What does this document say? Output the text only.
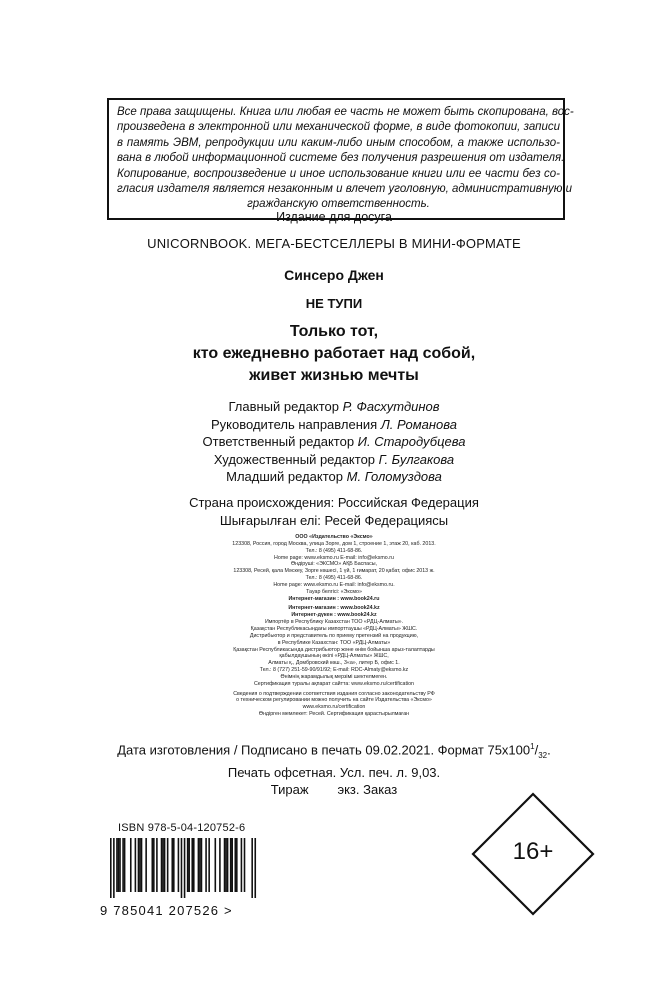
Все права защищены. Книга или любая ее часть не может быть скопирована, вос-
произведена в электронной или механической форме, в виде фотокопии, записи
в память ЭВМ, репродукции или каким-либо иным способом, а также использо-
вана в любой информационной системе без получения разрешения от издателя.
Копирование, воспроизведение и иное использование книги или ее части без со-
гласия издателя является незаконным и влечет уголовную, административную и
гражданскую ответственность.
Издание для досуга
UNICORNBOOK. МЕГА-БЕСТСЕЛЛЕРЫ В МИНИ-ФОРМАТЕ
Синсеро Джен
НЕ ТУПИ
Только тот,
кто ежедневно работает над собой,
живет жизнью мечты
Главный редактор Р. Фасхутдинов
Руководитель направления Л. Романова
Ответственный редактор И. Стародубцева
Художественный редактор Г. Булгакова
Младший редактор М. Голомуздова
Страна происхождения: Российская Федерация
Шығарылған елі: Ресей Федерациясы
ООО «Издательство «Эксмо»
123308, Россия, город Москва, улица Зорге, дом 1, строение 1, этаж 20, каб. 2013.
Тел.: 8 (495) 411-68-86.
Home page: www.eksmo.ru E-mail: info@eksmo.ru
Өндіруші: «ЭКСМО» АҚБ Баспасы,
123308, Ресей, қала Мәскеу, Зорге көшесі, 1 үй, 1 ғимарат, 20 қабат, офис 2013 ж.
Тел.: 8 (495) 411-68-86.
Home page: www.eksmo.ru E-mail: info@eksmo.ru.
Тауар белгісі: «Эксмо»
Интернет-магазин : www.book24.ru
Интернет-магазин : www.book24.kz
Интернет-дүкен : www.book24.kz
Импортёр в Республику Казахстан ТОО «РДЦ-Алматы».
Қазақстан Республикасындағы импорттаушы «РДЦ-Алматы» ЖШС.
Дистрибьютор и представитель по приему претензий на продукцию,
в Республике Казахстан: ТОО «РДЦ-Алматы»
Қазақстан Республикасында дистрибьютор және өнім бойынша арыз-талаптарды
қабылдаушының өкілі «РДЦ-Алматы» ЖШС,
Алматы қ., Домбровский көш., 3«а», литер Б, офис 1.
Тел.: 8 (727) 251-59-90/91/92; E-mail: RDC-Almaty@eksmo.kz
Өнімнің жарамдылық мерзімі шектелмеген.
Сертификация туралы ақпарат сайтта: www.eksmo.ru/certification
Сведения о подтверждении соответствия издания согласно законодательству РФ
о техническом регулировании можно получить на сайте Издательства «Эксмо»
www.eksmo.ru/certification
Өндірген мемлекет: Ресей. Сертификация қарастырылмаған
Дата изготовления / Подписано в печать 09.02.2021. Формат $75x100^1/_{32}$.
Печать офсетная. Усл. печ. л. 9,03.
Тираж        экз. Заказ
ISBN 978-5-04-120752-6
9 785041 207526 >
16+
